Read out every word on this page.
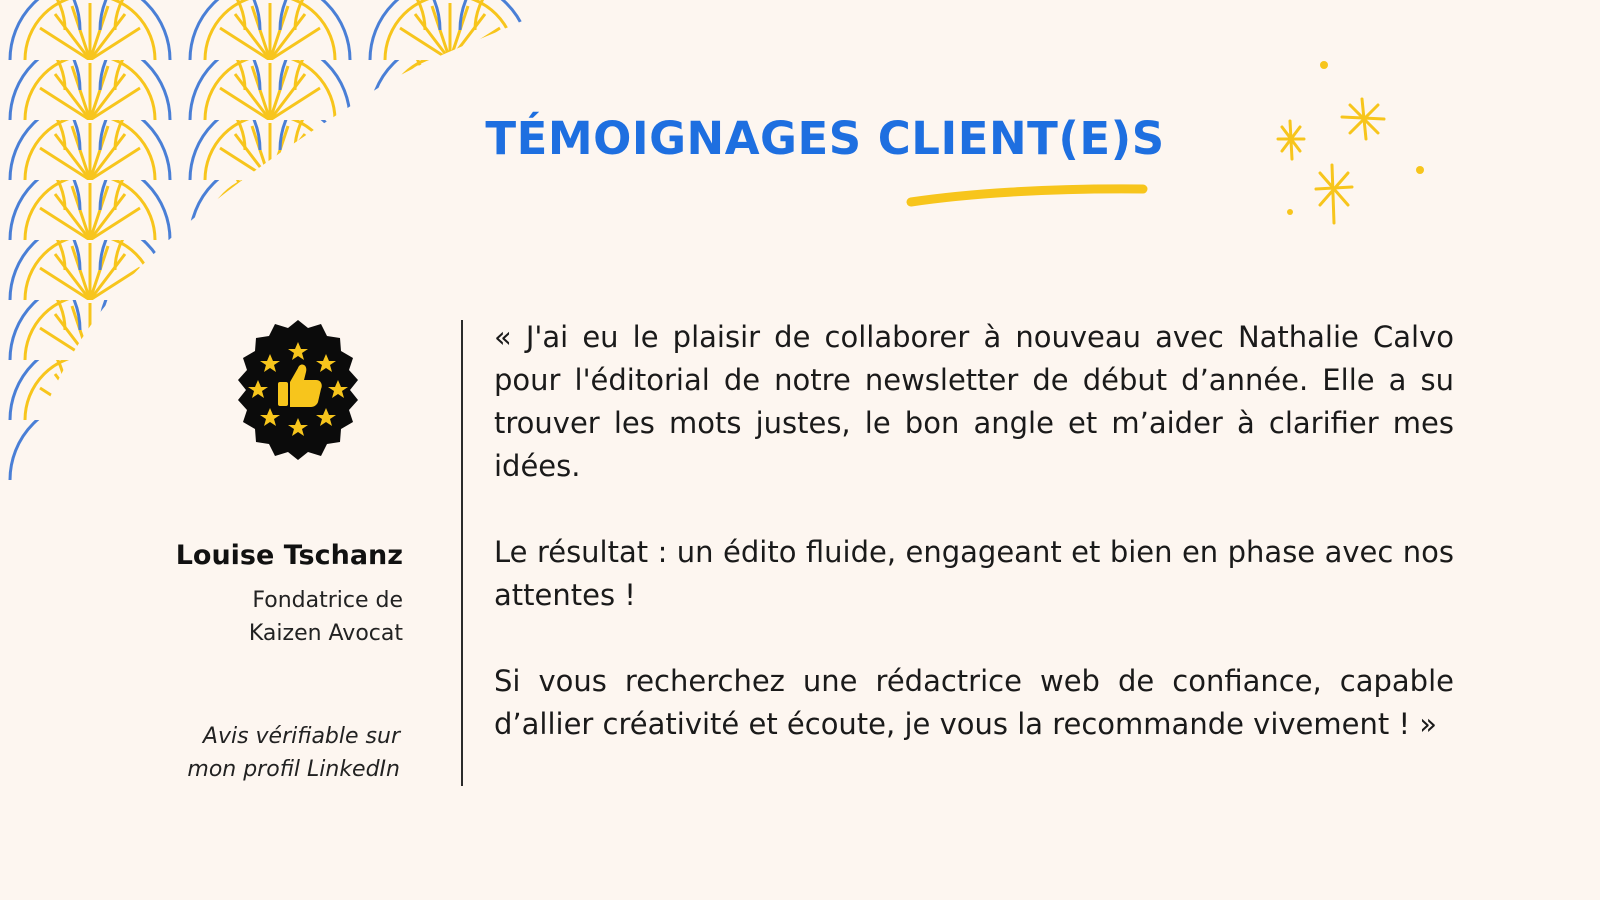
TÉMOIGNAGES CLIENT(E)S
Louise Tschanz
Fondatrice de
Kaizen Avocat
Avis vérifiable sur
mon profil LinkedIn

« J'ai eu le plaisir de collaborer à nouveau avec Nathalie Calvo pour l'éditorial de notre newsletter de début d’année. Elle a su trouver les mots justes, le bon angle et m’aider à clarifier mes idées.

Le résultat : un édito fluide, engageant et bien en phase avec nos attentes !

Si vous recherchez une rédactrice web de confiance, capable d’allier créativité et écoute, je vous la recommande vivement ! »
